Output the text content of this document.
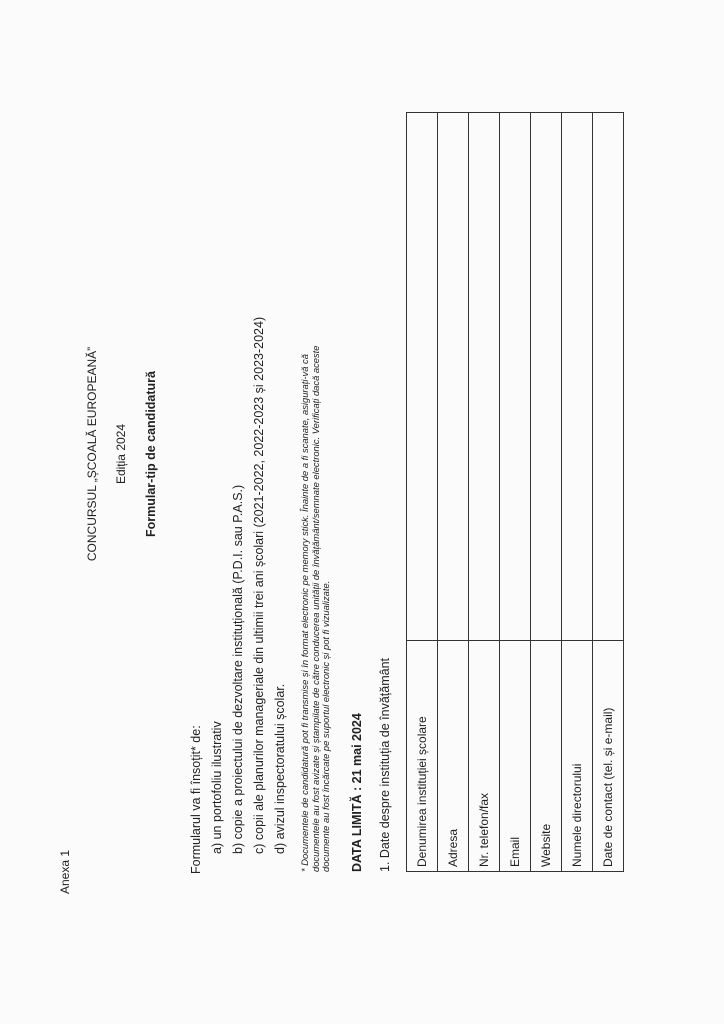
Anexa 1
CONCURSUL „ȘCOALĂ EUROPEANĂ” Ediția 2024 Formular-tip de candidatură
Formularul va fi însoțit* de: a) un portofoliu ilustrativ b) copie a proiectului de dezvoltare instituțională (P.D.I. sau P.A.S.) c) copii ale planurilor manageriale din ultimii trei ani școlari (2021-2022, 2022-2023 și 2023-2024) d) avizul inspectoratului școlar.	* Documentele de candidatură pot fi transmise și în format electronic pe memory stick. Înainte de a fi scanate, asigurați-vă că documentele au fost avizate și ștampilate de către conducerea unității de învățământ/semnate electronic. Verificați dacă aceste documente au fost încărcate pe suportul electronic și pot fi vizualizate. DATA LIMITĂ : 21 mai 2024 1. Date despre instituția de învățământ Denumirea instituției școlare	
Adresa	
Nr. telefon/fax	
Email	
Website	
Numele directorului	
Date de contact (tel. și e-mail)	
